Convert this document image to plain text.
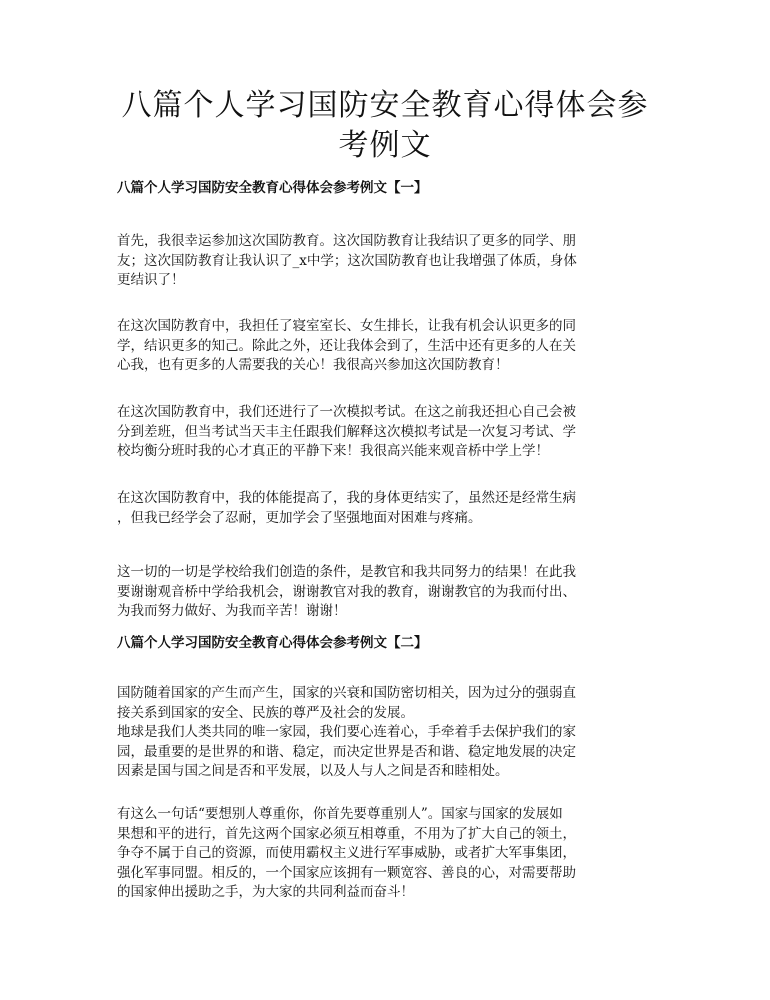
八篇个人学习国防安全教育心得体会参
考例文
八篇个人学习国防安全教育心得体会参考例文【一】

首先，我很幸运参加这次国防教育。这次国防教育让我结识了更多的同学、朋
友；这次国防教育让我认识了_x中学；这次国防教育也让我增强了体质，身体
更结识了！

在这次国防教育中，我担任了寝室室长、女生排长，让我有机会认识更多的同
学，结识更多的知己。除此之外，还让我体会到了，生活中还有更多的人在关
心我，也有更多的人需要我的关心！我很高兴参加这次国防教育！

在这次国防教育中，我们还进行了一次模拟考试。在这之前我还担心自己会被
分到差班，但当考试当天丰主任跟我们解释这次模拟考试是一次复习考试、学
校均衡分班时我的心才真正的平静下来！我很高兴能来观音桥中学上学！

在这次国防教育中，我的体能提高了，我的身体更结实了，虽然还是经常生病
，但我已经学会了忍耐，更加学会了坚强地面对困难与疼痛。

这一切的一切是学校给我们创造的条件，是教官和我共同努力的结果！在此我
要谢谢观音桥中学给我机会，谢谢教官对我的教育，谢谢教官的为我而付出、
为我而努力做好、为我而辛苦！谢谢！

八篇个人学习国防安全教育心得体会参考例文【二】

国防随着国家的产生而产生，国家的兴衰和国防密切相关，因为过分的强弱直
接关系到国家的安全、民族的尊严及社会的发展。
地球是我们人类共同的唯一家园，我们要心连着心，手牵着手去保护我们的家
园，最重要的是世界的和谐、稳定，而决定世界是否和谐、稳定地发展的决定
因素是国与国之间是否和平发展，以及人与人之间是否和睦相处。

有这么一句话“要想别人尊重你，你首先要尊重别人”。国家与国家的发展如
果想和平的进行，首先这两个国家必须互相尊重，不用为了扩大自己的领土，
争夺不属于自己的资源，而使用霸权主义进行军事威胁，或者扩大军事集团，
强化军事同盟。相反的，一个国家应该拥有一颗宽容、善良的心，对需要帮助
的国家伸出援助之手，为大家的共同利益而奋斗！
